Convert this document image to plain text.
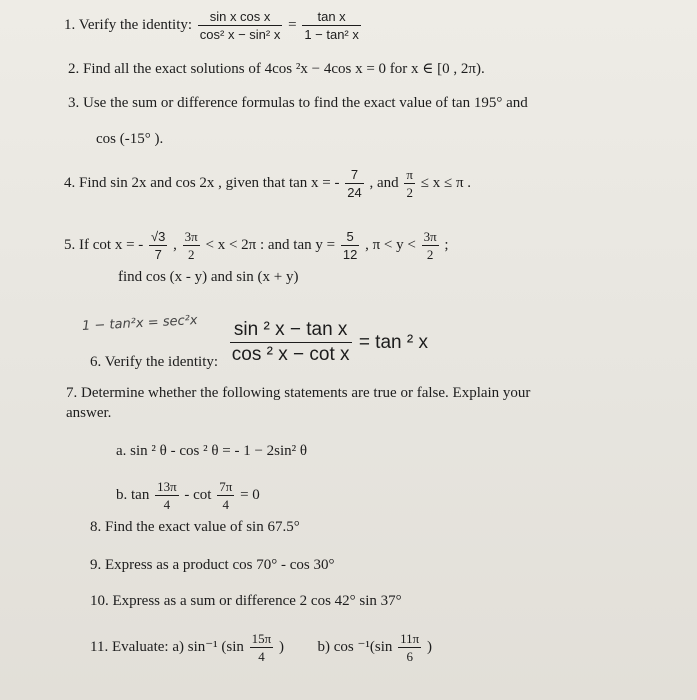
1. Verify the identity: $\frac{\text{sin x cos x}}{\text{cos² x − sin² x}} = \frac{\text{tan x}}{\text{1 − tan² x}}$
2. Find all the exact solutions of 4cos ²x − 4cos x = 0 for x ∈ [0 , 2π).
3. Use the sum or difference formulas to find the exact value of tan 195° and
cos (-15° ).
4. Find sin 2x and cos 2x , given that tan x = - $\frac{7}{24}$ , and $\frac{\pi}{2} \le x \le \pi$ .
5. If cot x = - $\frac{√3}{7}$ , $\frac{3\pi}{2} < x < 2\pi$ : and $\tan y = \frac{5}{12}$ , $\pi < y < \frac{3\pi}{2}$ ;
find cos (x - y) and sin (x + y)
1 − tan²x = sec²x
6. Verify the identity: $\frac{\text{sin ² x − tan x}}{\text{cos ² x − cot x}} = \tan ^2$ x
7. Determine whether the following statements are true or false. Explain your
answer.
a. sin ² θ - cos ² θ = - 1 − 2sin² θ
b. $\tan \frac{13\pi}{4} - \cot \frac{7\pi}{4} = 0$
8. Find the exact value of sin 67.5°
9. Express as a product cos 70° - cos 30°
10. Express as a sum or difference 2 cos 42° sin 37°
11. Evaluate: a) sin⁻¹ ($\sin \frac{15\pi}{4}$ ) b) $\cos ^{-1}(\sin \frac{11\pi}{6}$ )
